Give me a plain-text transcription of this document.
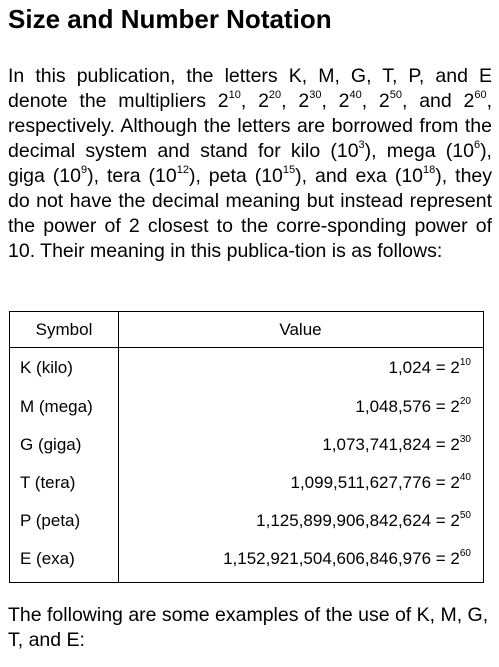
Size and Number Notation

In this publication, the letters K, M, G, T, P, and E denote the multipliers $2^{10}$, $2^{20}$, $2^{30}$, $2^{40}$, $2^{50}$, and $2^{60}$, respectively. Although the letters are borrowed from the decimal system and stand for kilo $(10^3)$, mega $(10^6)$, giga $(10^9)$, tera $(10^{12})$, peta $(10^{15})$, and exa $(10^{18})$, they do not have the decimal meaning but instead represent the power of 2 closest to the corre-sponding power of 10. Their meaning in this publica-tion is as follows:

Symbol	Value
K (kilo)	$1,024 = 2^{10}$
M (mega)	$1,048,576 = 2^{20}$
G (giga)	$1,073,741,824 = 2^{30}$
T (tera)	$1,099,511,627,776 = 2^{40}$
P (peta)	$1,125,899,906,842,624 = 2^{50}$
E (exa)	$1,152,921,504,606,846,976 = 2^{60}$

The following are some examples of the use of K, M, G, T, and E:
